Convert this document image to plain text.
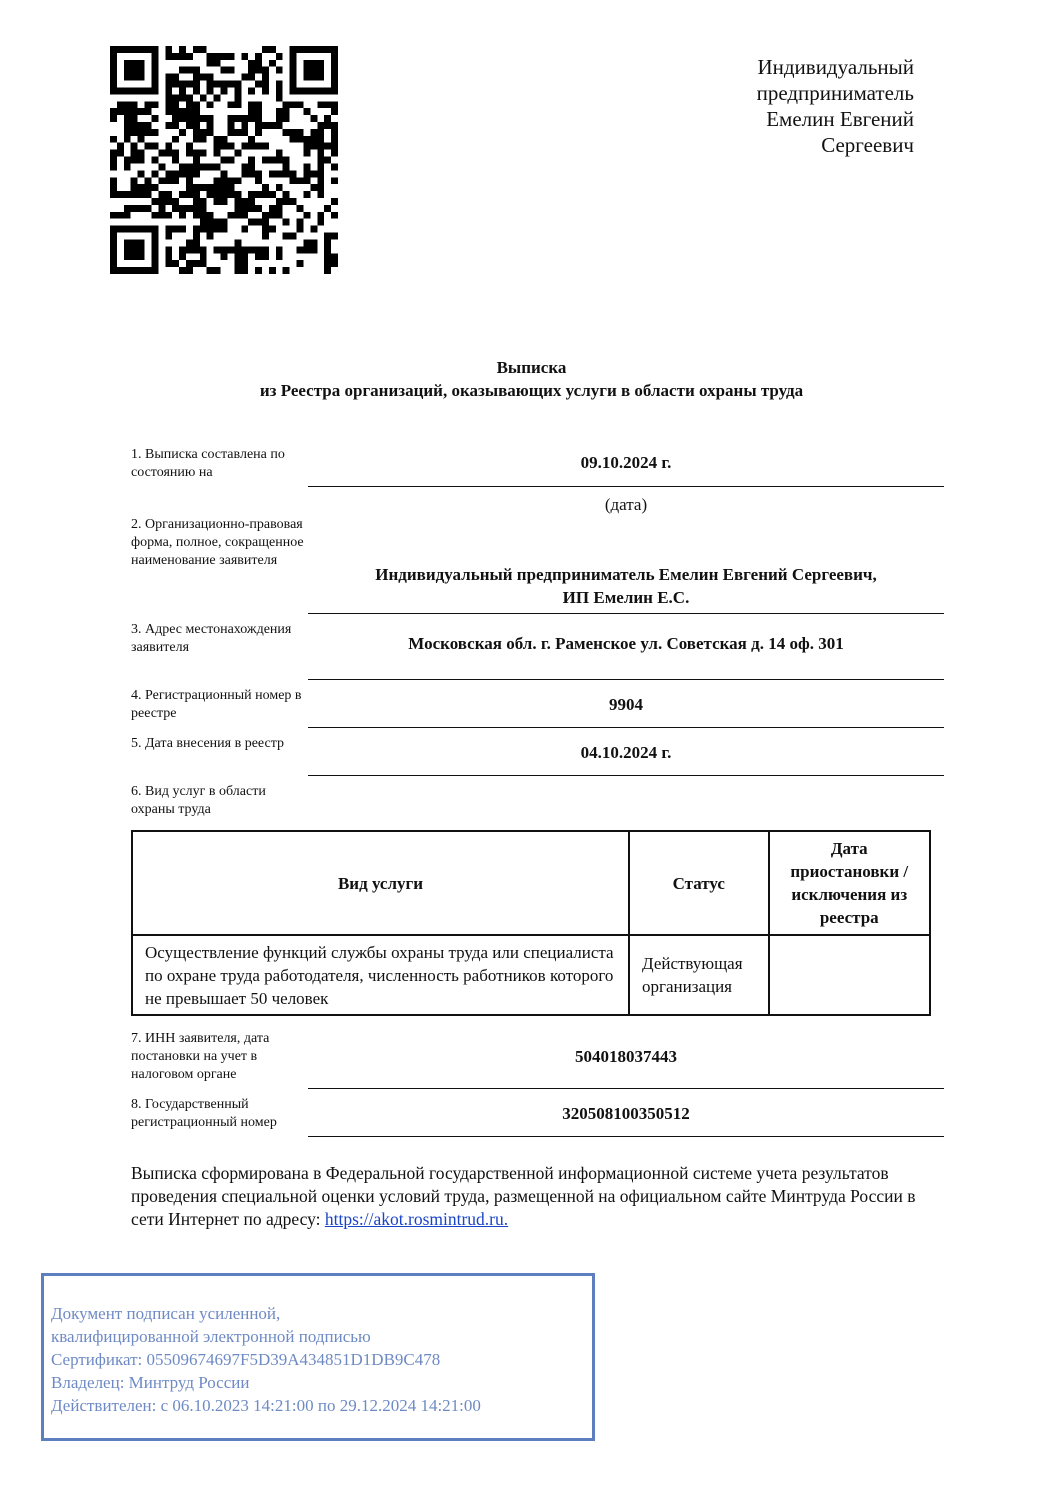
Индивидуальный
предприниматель
Емелин Евгений
Сергеевич
Выписка
из Реестра организаций, оказывающих услуги в области охраны труда
1. Выписка составлена по состоянию на
09.10.2024 г.
(дата)
2. Организационно-правовая форма, полное, сокращенное наименование заявителя
Индивидуальный предприниматель Емелин Евгений Сергеевич,
ИП Емелин Е.С.
3. Адрес местонахождения заявителя	Московская обл. г. Раменское ул. Советская д. 14 оф. 301
4. Регистрационный номер в реестре	9904
5. Дата внесения в реестр	04.10.2024 г.
6. Вид услуг в области охраны труда
Вид услуги	Статус	Дата приостановки / исключения из реестра
Осуществление функций службы охраны труда или специалиста по охране труда работодателя, численность работников которого не превышает 50 человек	Действующая организация	
7. ИНН заявителя, дата постановки на учет в налоговом органе
504018037443
8. Государственный регистрационный номер	320508100350512
Выписка сформирована в Федеральной государственной информационной системе учета результатов проведения специальной оценки условий труда, размещенной на официальном сайте Минтруда России в сети Интернет по адресу: https://akot.rosmintrud.ru.
Документ подписан усиленной,
квалифицированной электронной подписью
Сертификат: 05509674697F5D39A434851D1DB9C478
Владелец: Минтруд России
Действителен: с 06.10.2023 14:21:00 по 29.12.2024 14:21:00
